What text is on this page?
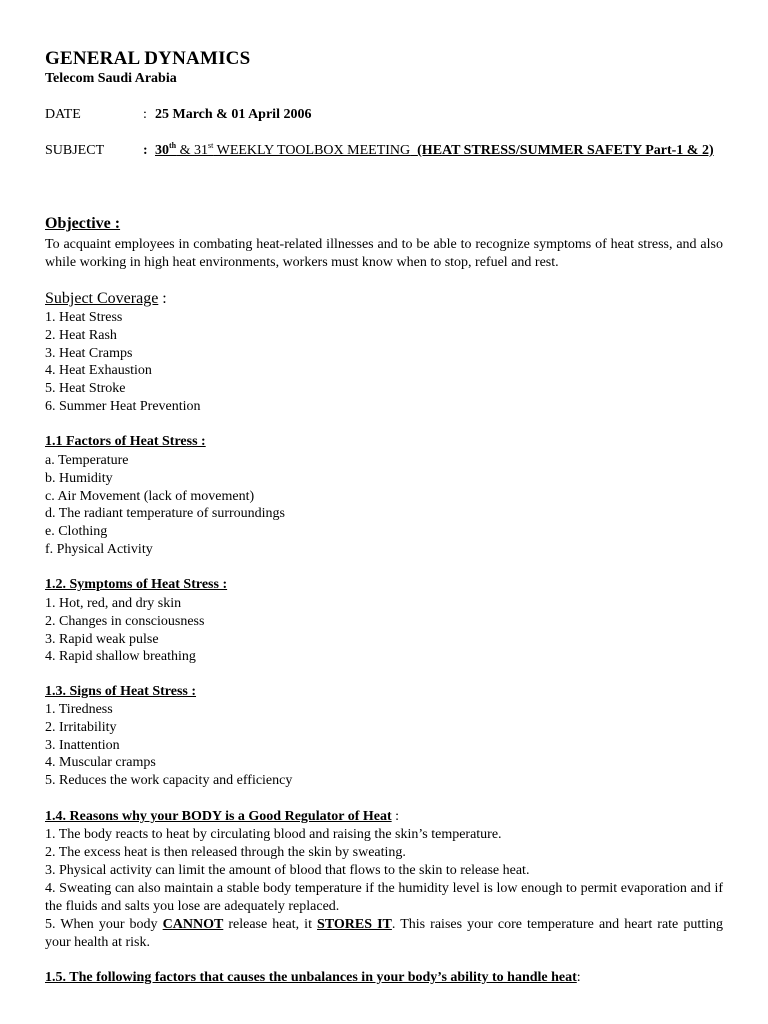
GENERAL DYNAMICS
Telecom Saudi Arabia
DATE	: 25 March & 01 April 2006
SUBJECT	: 30th & 31st WEEKLY TOOLBOX MEETING (HEAT STRESS/SUMMER SAFETY Part-1 & 2)
Objective :
To acquaint employees in combating heat-related illnesses and to be able to recognize symptoms of heat stress, and also while working in high heat environments, workers must know when to stop, refuel and rest.
Subject Coverage :
1. Heat Stress
2. Heat Rash
3. Heat Cramps
4. Heat Exhaustion
5. Heat Stroke
6. Summer Heat Prevention
1.1 Factors of Heat Stress :
a. Temperature
b. Humidity
c. Air Movement (lack of movement)
d. The radiant temperature of surroundings
e. Clothing
f. Physical Activity
1.2. Symptoms of Heat Stress :
1. Hot, red, and dry skin
2. Changes in consciousness
3. Rapid weak pulse
4. Rapid shallow breathing
1.3. Signs of Heat Stress :
1. Tiredness
2. Irritability
3. Inattention
4. Muscular cramps
5. Reduces the work capacity and efficiency
1.4. Reasons why your BODY is a Good Regulator of Heat :
1. The body reacts to heat by circulating blood and raising the skin’s temperature.
2. The excess heat is then released through the skin by sweating.
3. Physical activity can limit the amount of blood that flows to the skin to release heat.
4. Sweating can also maintain a stable body temperature if the humidity level is low enough to permit evaporation and if the fluids and salts you lose are adequately replaced.
5. When your body CANNOT release heat, it STORES IT. This raises your core temperature and heart rate putting your health at risk.
1.5. The following factors that causes the unbalances in your body’s ability to handle heat:
